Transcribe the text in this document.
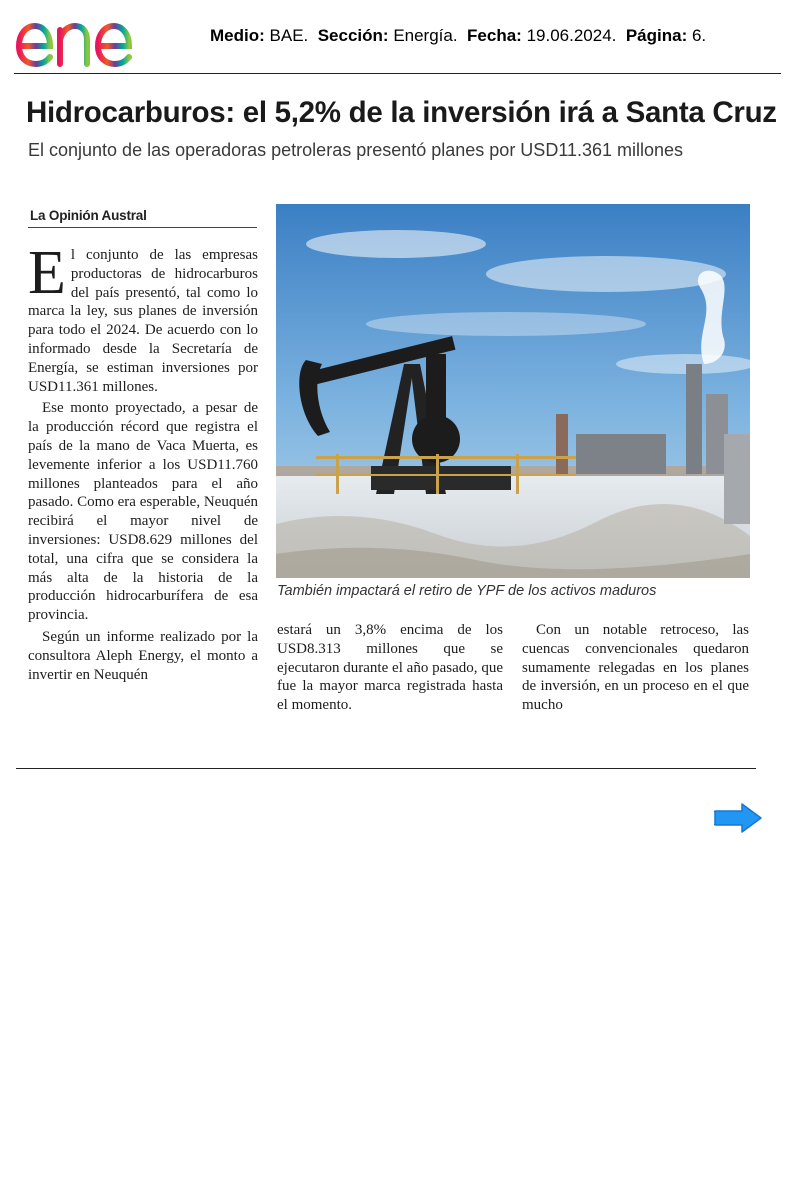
Medio: BAE. Sección: Energía. Fecha: 19.06.2024. Página: 6.
Hidrocarburos: el 5,2% de la inversión irá a Santa Cruz
El conjunto de las operadoras petroleras presentó planes por USD11.361 millones
La Opinión Austral

El conjunto de las empresas productoras de hidrocarburos del país presentó, tal como lo marca la ley, sus planes de inversión para todo el 2024. De acuerdo con lo informado desde la Secretaría de Energía, se estiman inversiones por USD11.361 millones.

Ese monto proyectado, a pesar de la producción récord que registra el país de la mano de Vaca Muerta, es levemente inferior a los USD11.760 millones planteados para el año pasado. Como era esperable, Neuquén recibirá el mayor nivel de inversiones: USD8.629 millones del total, una cifra que se considera la más alta de la historia de la producción hidrocarburífera de esa provincia.

Según un informe realizado por la consultora Aleph Energy, el monto a invertir en Neuquén

También impactará el retiro de YPF de los activos maduros

estará un 3,8% encima de los USD8.313 millones que se ejecutaron durante el año pasado, que fue la mayor marca registrada hasta el momento.

Con un notable retroceso, las cuencas convencionales quedaron sumamente relegadas en los planes de inversión, en un proceso en el que mucho
